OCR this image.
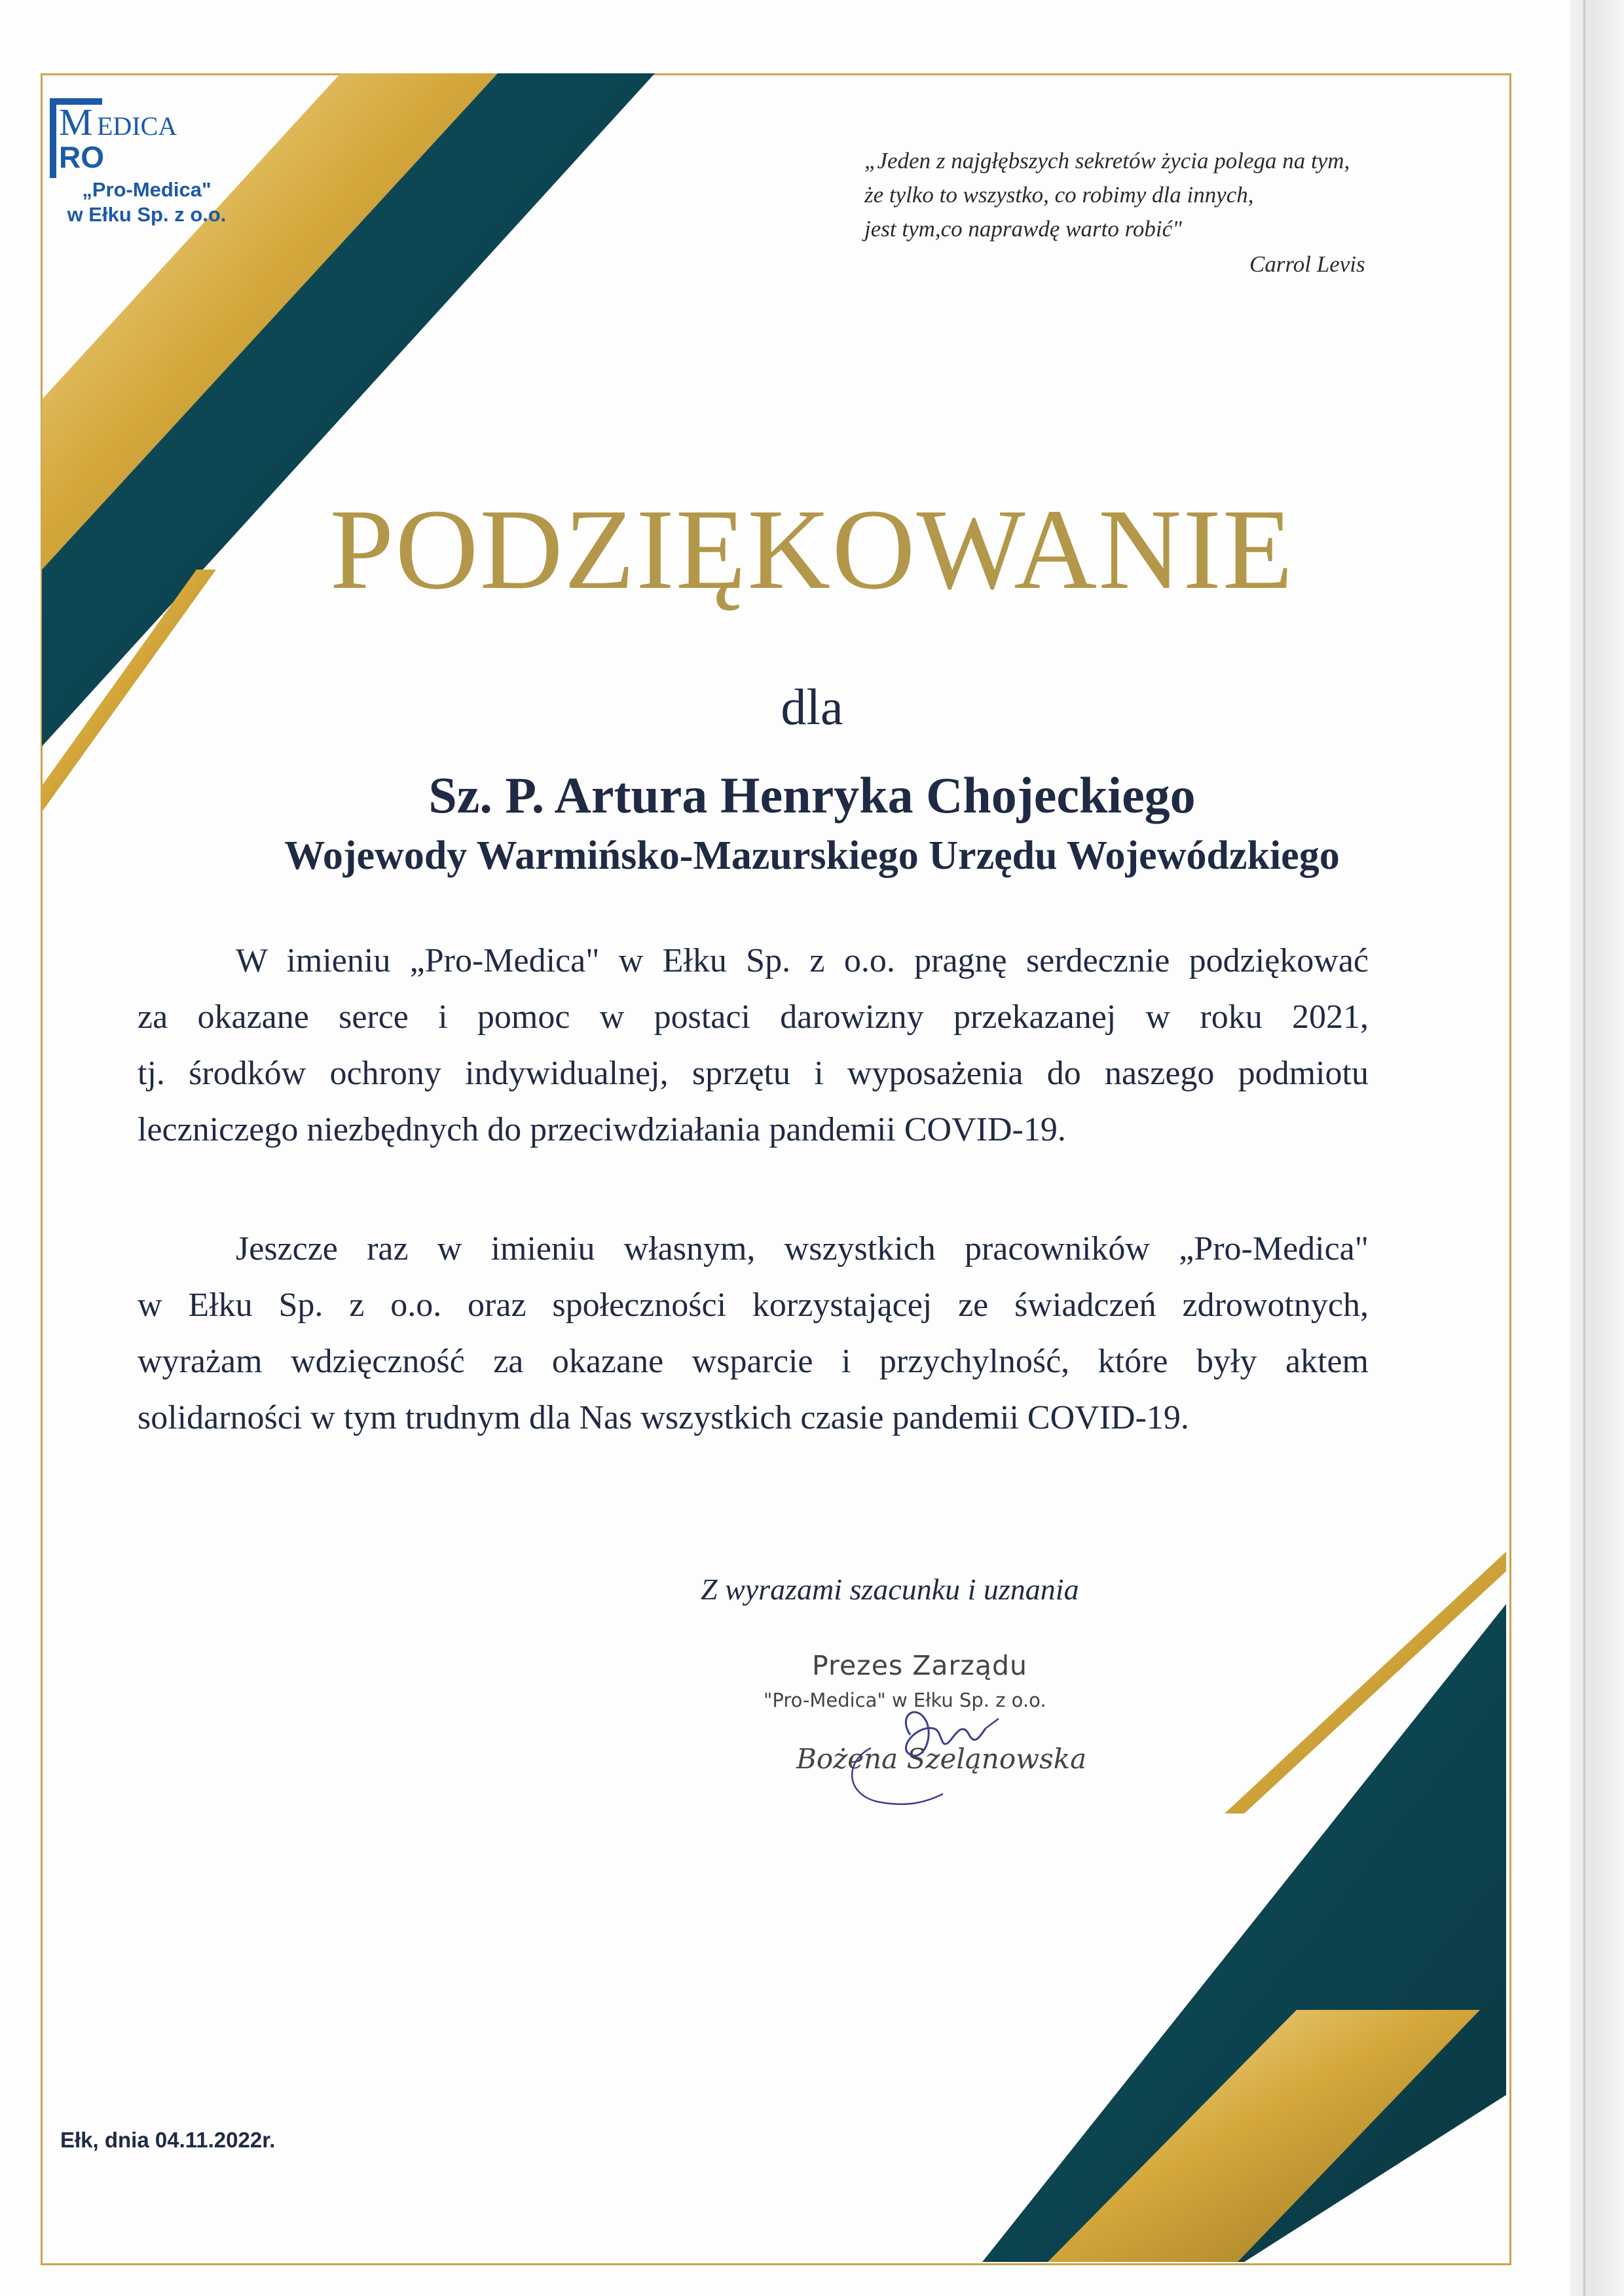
M EDICA
RO
„Pro-Medica"
w Ełku Sp. z o.o.
„Jeden z najgłębszych sekretów życia polega na tym,
że tylko to wszystko, co robimy dla innych,
jest tym,co naprawdę warto robić"
Carrol Levis
PODZIĘKOWANIE
dla
Sz. P. Artura Henryka Chojeckiego
Wojewody Warmińsko-Mazurskiego Urzędu Wojewódzkiego
W imieniu „Pro-Medica" w Ełku Sp. z o.o. pragnę serdecznie podziękować
za okazane serce i pomoc w postaci darowizny przekazanej w roku 2021,
tj. środków ochrony indywidualnej, sprzętu i wyposażenia do naszego podmiotu
leczniczego niezbędnych do przeciwdziałania pandemii COVID-19.
Jeszcze raz w imieniu własnym, wszystkich pracowników „Pro-Medica"
w Ełku Sp. z o.o. oraz społeczności korzystającej ze świadczeń zdrowotnych,
wyrażam wdzięczność za okazane wsparcie i przychylność, które były aktem
solidarności w tym trudnym dla Nas wszystkich czasie pandemii COVID-19.
Z wyrazami szacunku i uznania
Prezes Zarządu
"Pro-Medica" w Ełku Sp. z o.o.
Bożena Szeląnowska
Ełk, dnia 04.11.2022r.
